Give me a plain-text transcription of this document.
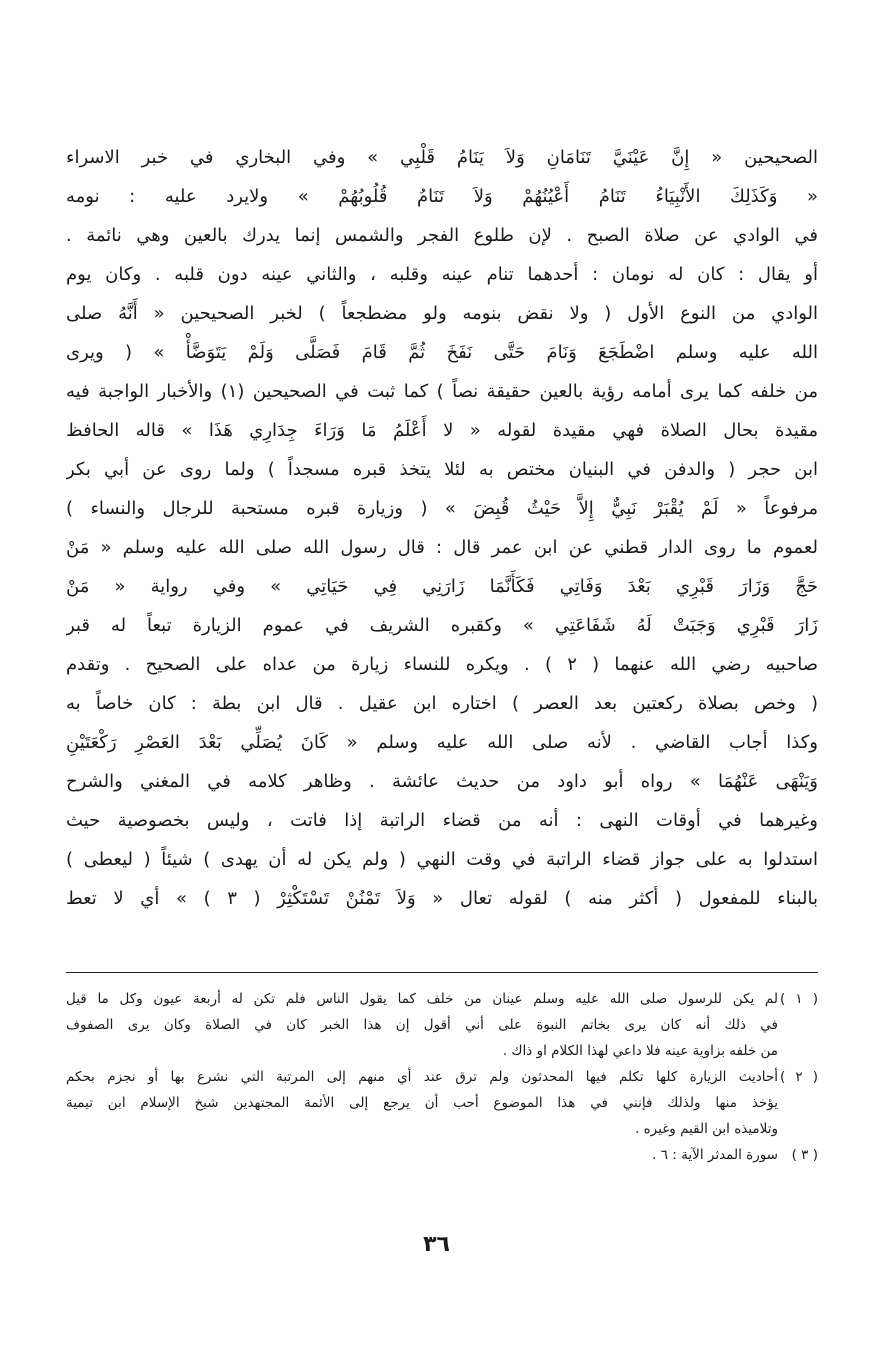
الصحيحين « إِنَّ عَيْنَيَّ تَنَامَانِ وَلاَ يَنَامُ قَلْبِي » وفي البخاري في خبر الاسراء
« وَكَذَلِكَ الأَنْبِيَاءُ تَنَامُ أَعْيُنُهُمْ وَلاَ تَنَامُ قُلُوبُهُمْ » ولايرد عليه : نومه
في الوادي عن صلاة الصبح . لإن طلوع الفجر والشمس إنما يدرك بالعين وهي نائمة .
أو يقال : كان له نومان : أحدهما تنام عينه وقلبه ، والثاني عينه دون قلبه . وكان يوم
الوادي من النوع الأول ( ولا نقض بنومه ولو مضطجعاً ) لخبر الصحيحين « أَنَّهُ صلى
الله عليه وسلم اضْطَجَعَ وَنَامَ حَتَّى نَفَخَ ثُمَّ قَامَ فَصَلَّى وَلَمْ يَتَوَضَّأْ » ( ويرى
من خلفه كما يرى أمامه رؤية بالعين حقيقة نصاً ) كما ثبت في الصحيحين (١) والأخبار الواجبة فيه
مقيدة بحال الصلاة فهي مقيدة لقوله « لا أَعْلَمُ مَا وَرَاءَ جِدَارِي هَذَا » قاله الحافظ
ابن حجر ( والدفن في البنيان مختص به لئلا يتخذ قبره مسجداً ) ولما روى عن أبي بكر
مرفوعاً « لَمْ يُقْبَرْ نَبِيٌّ إِلاَّ حَيْثُ قُبِضَ » ( وزيارة قبره مستحبة للرجال والنساء )
لعموم ما روى الدار قطني عن ابن عمر قال : قال رسول الله صلى الله عليه وسلم « مَنْ
حَجَّ وَزَارَ قَبْرِي بَعْدَ وَفَاتِي فَكَأَنَّمَا زَارَنِي فِي حَيَاتِي » وفي رواية « مَنْ
زَارَ قَبْرِي وَجَبَتْ لَهُ شَفَاعَتِي » وكقبره الشريف في عموم الزيارة تبعاً له قبر
صاحبيه رضي الله عنهما ( ٢ ) . ويكره للنساء زيارة من عداه على الصحيح . وتقدم
( وخص بصلاة ركعتين بعد العصر ) اختاره ابن عقيل . قال ابن بطة : كان خاصاً به
وكذا أجاب القاضي . لأنه صلى الله عليه وسلم « كَانَ يُصَلِّي بَعْدَ العَصْرِ رَكْعَتَيْنِ
وَيَنْهَى عَنْهُمَا » رواه أبو داود من حديث عائشة . وظاهر كلامه في المغني والشرح
وغيرهما في أوقات النهى : أنه من قضاء الراتبة إذا فاتت ، وليس بخصوصية حيث
استدلوا به على جواز قضاء الراتبة في وقت النهي ( ولم يكن له أن يهدى ) شيئاً ( ليعطى )
بالبناء للمفعول ( أكثر منه ) لقوله تعال « وَلاَ تَمْنُنْ تَسْتَكْثِرْ ( ٣ ) » أي لا تعط
( ١ )لم يكن للرسول صلى الله عليه وسلم عينان من خلف كما يقول الناس فلم تكن له أربعة عيون وكل ما قيل
في ذلك أنه كان يرى بخاتم النبوة على أني أقول إن هذا الخبر كان في الصلاة وكان يرى الصفوف
من خلفه بزاوية عينه فلا داعي لهذا الكلام او ذاك .
( ٢ )أحاديث الزيارة كلها تكلم فيها المحدثون ولم ترق عند أي منهم إلى المرتبة التي نشرع بها أو نجزم بحكم
يؤخذ منها ولذلك فإنني في هذا الموضوع أحب أن يرجع إلى الأئمة المجتهدين شيخ الإسلام ابن تيمية
وتلاميذه ابن القيم وغيره .
( ٣ )سورة المدثر الآية : ٦ .
٣٦
